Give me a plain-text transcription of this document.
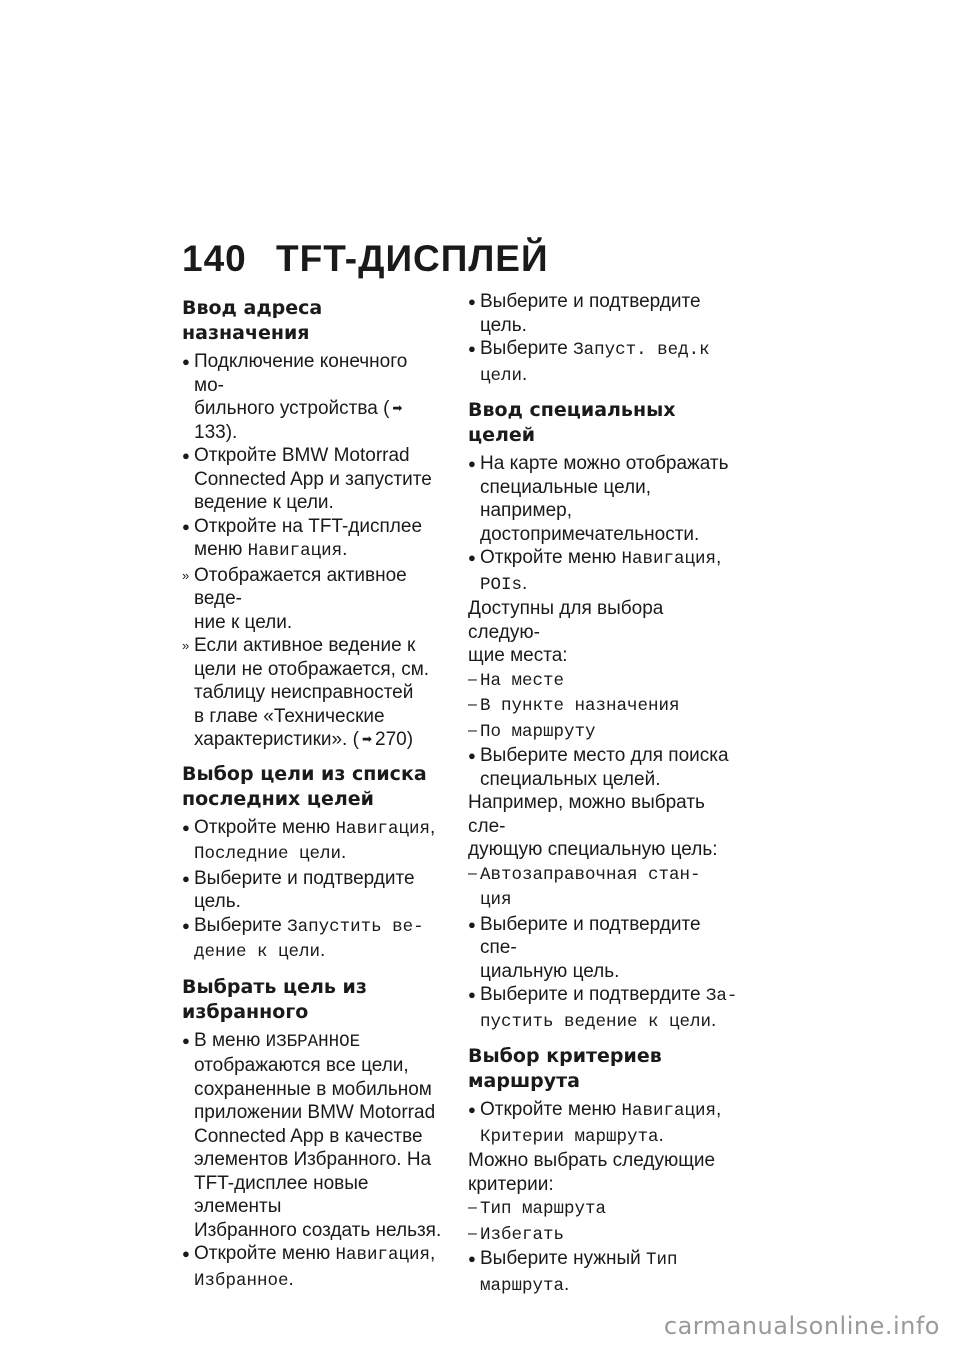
140 TFT-ДИСПЛЕЙ
Ввод адреса назначения
● Подключение конечного мо-
бильного устройства ( ➡133).
● Откройте BMW Motorrad
Connected App и запустите
ведение к цели.
● Откройте на TFT-дисплее
меню Навигация.
» Отображается активное веде-
ние к цели.
» Если активное ведение к
цели не отображается, см.
таблицу неисправностей
в главе «Технические
характеристики». ( ➡ 270)
Выбор цели из списка
последних целей
● Откройте меню Навигация,
Последние цели.
● Выберите и подтвердите
цель.
● Выберите Запустить ве-
дение к цели.
Выбрать цель из
избранного
● В меню ИЗБРАННОЕ
отображаются все цели,
сохраненные в мобильном
приложении BMW Motorrad
Connected App в качестве
элементов Избранного. На
TFT-дисплее новые элементы
Избранного создать нельзя.
● Откройте меню Навигация,
Избранное.
● Выберите и подтвердите
цель.
● Выберите Запуст. вед.к
цели.
Ввод специальных целей
● На карте можно отображать
специальные цели, например,
достопримечательности.
● Откройте меню Навигация,
POIs.

Доступны для выбора следую-
щие места:

– На месте
– В пункте назначения
– По маршруту
● Выберите место для поиска
специальных целей.

Например, можно выбрать сле-
дующую специальную цель:

– Автозаправочная стан-
ция
● Выберите и подтвердите спе-
циальную цель.
● Выберите и подтвердите За-
пустить ведение к цели.
Выбор критериев маршрута
● Откройте меню Навигация,
Критерии маршрута.

Можно выбрать следующие
критерии:

– Тип маршрута
– Избегать
● Выберите нужный Тип
маршрута.
carmanualsonline.info
